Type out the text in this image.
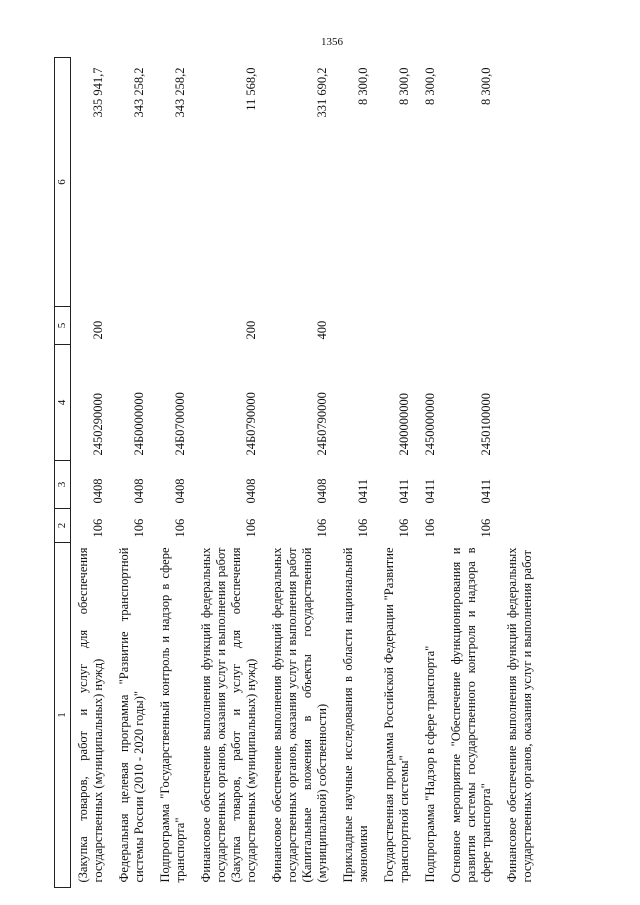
1356
1	2	3	4	5	6
(Закупка товаров, работ и услуг для обеспечения государственных (муниципальных) нужд)	106	0408	2450290000	200	335 941,7
Федеральная целевая программа "Развитие транспортной системы России (2010 - 2020 годы)"	106	0408	24Б0000000		343 258,2
Подпрограмма "Государственный контроль и надзор в сфере транспорта"	106	0408	24Б0700000		343 258,2
Финансовое обеспечение выполнения функций федеральных государственных органов, оказания услуг и выполнения работ (Закупка товаров, работ и услуг для обеспечения государственных (муниципальных) нужд)	106	0408	24Б0790000	200	11 568,0
Финансовое обеспечение выполнения функций федеральных государственных органов, оказания услуг и выполнения работ (Капитальные вложения в объекты государственной (муниципальной) собственности)	106	0408	24Б0790000	400	331 690,2
Прикладные научные исследования в области национальной экономики	106	0411			8 300,0
Государственная программа Российской Федерации "Развитие транспортной системы"	106	0411	2400000000		8 300,0
Подпрограмма "Надзор в сфере транспорта"	106	0411	2450000000		8 300,0
Основное мероприятие "Обеспечение функционирования и развития системы государственного контроля и надзора в сфере транспорта"	106	0411	2450100000		8 300,0
Финансовое обеспечение выполнения функций федеральных государственных органов, оказания услуг и выполнения работ					
